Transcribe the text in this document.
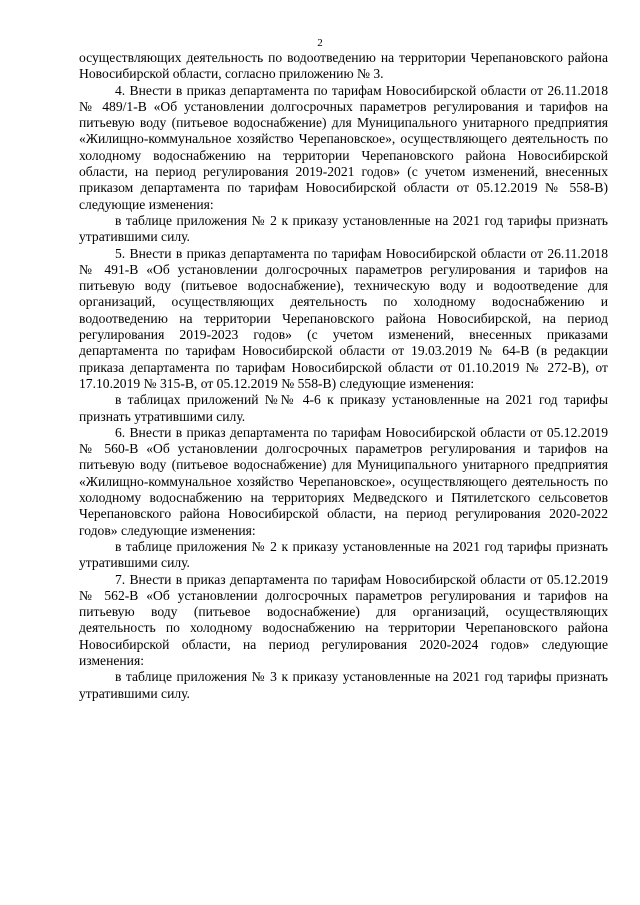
2

осуществляющих деятельность по водоотведению на территории Черепановского района Новосибирской области, согласно приложению № 3.

4. Внести в приказ департамента по тарифам Новосибирской области от 26.11.2018 № 489/1-В «Об установлении долгосрочных параметров регулирования и тарифов на питьевую воду (питьевое водоснабжение) для Муниципального унитарного предприятия «Жилищно-коммунальное хозяйство Черепановское», осуществляющего деятельность по холодному водоснабжению на территории Черепановского района Новосибирской области, на период регулирования 2019-2021 годов» (с учетом изменений, внесенных приказом департамента по тарифам Новосибирской области от 05.12.2019 № 558-В) следующие изменения:

в таблице приложения № 2 к приказу установленные на 2021 год тарифы признать утратившими силу.

5. Внести в приказ департамента по тарифам Новосибирской области от 26.11.2018 № 491-В «Об установлении долгосрочных параметров регулирования и тарифов на питьевую воду (питьевое водоснабжение), техническую воду и водоотведение для организаций, осуществляющих деятельность по холодному водоснабжению и водоотведению на территории Черепановского района Новосибирской, на период регулирования 2019-2023 годов» (с учетом изменений, внесенных приказами департамента по тарифам Новосибирской области от 19.03.2019 № 64-В (в редакции приказа департамента по тарифам Новосибирской области от 01.10.2019 № 272-В), от 17.10.2019 № 315-В, от 05.12.2019 № 558-В) следующие изменения:

в таблицах приложений №№ 4-6 к приказу установленные на 2021 год тарифы признать утратившими силу.

6. Внести в приказ департамента по тарифам Новосибирской области от 05.12.2019 № 560-В «Об установлении долгосрочных параметров регулирования и тарифов на питьевую воду (питьевое водоснабжение) для Муниципального унитарного предприятия «Жилищно-коммунальное хозяйство Черепановское», осуществляющего деятельность по холодному водоснабжению на территориях Медведского и Пятилетского сельсоветов Черепановского района Новосибирской области, на период регулирования 2020-2022 годов» следующие изменения:

в таблице приложения № 2 к приказу установленные на 2021 год тарифы признать утратившими силу.

7. Внести в приказ департамента по тарифам Новосибирской области от 05.12.2019 № 562-В «Об установлении долгосрочных параметров регулирования и тарифов на питьевую воду (питьевое водоснабжение) для организаций, осуществляющих деятельность по холодному водоснабжению на территории Черепановского района Новосибирской области, на период регулирования 2020-2024 годов» следующие изменения:

в таблице приложения № 3 к приказу установленные на 2021 год тарифы признать утратившими силу.
